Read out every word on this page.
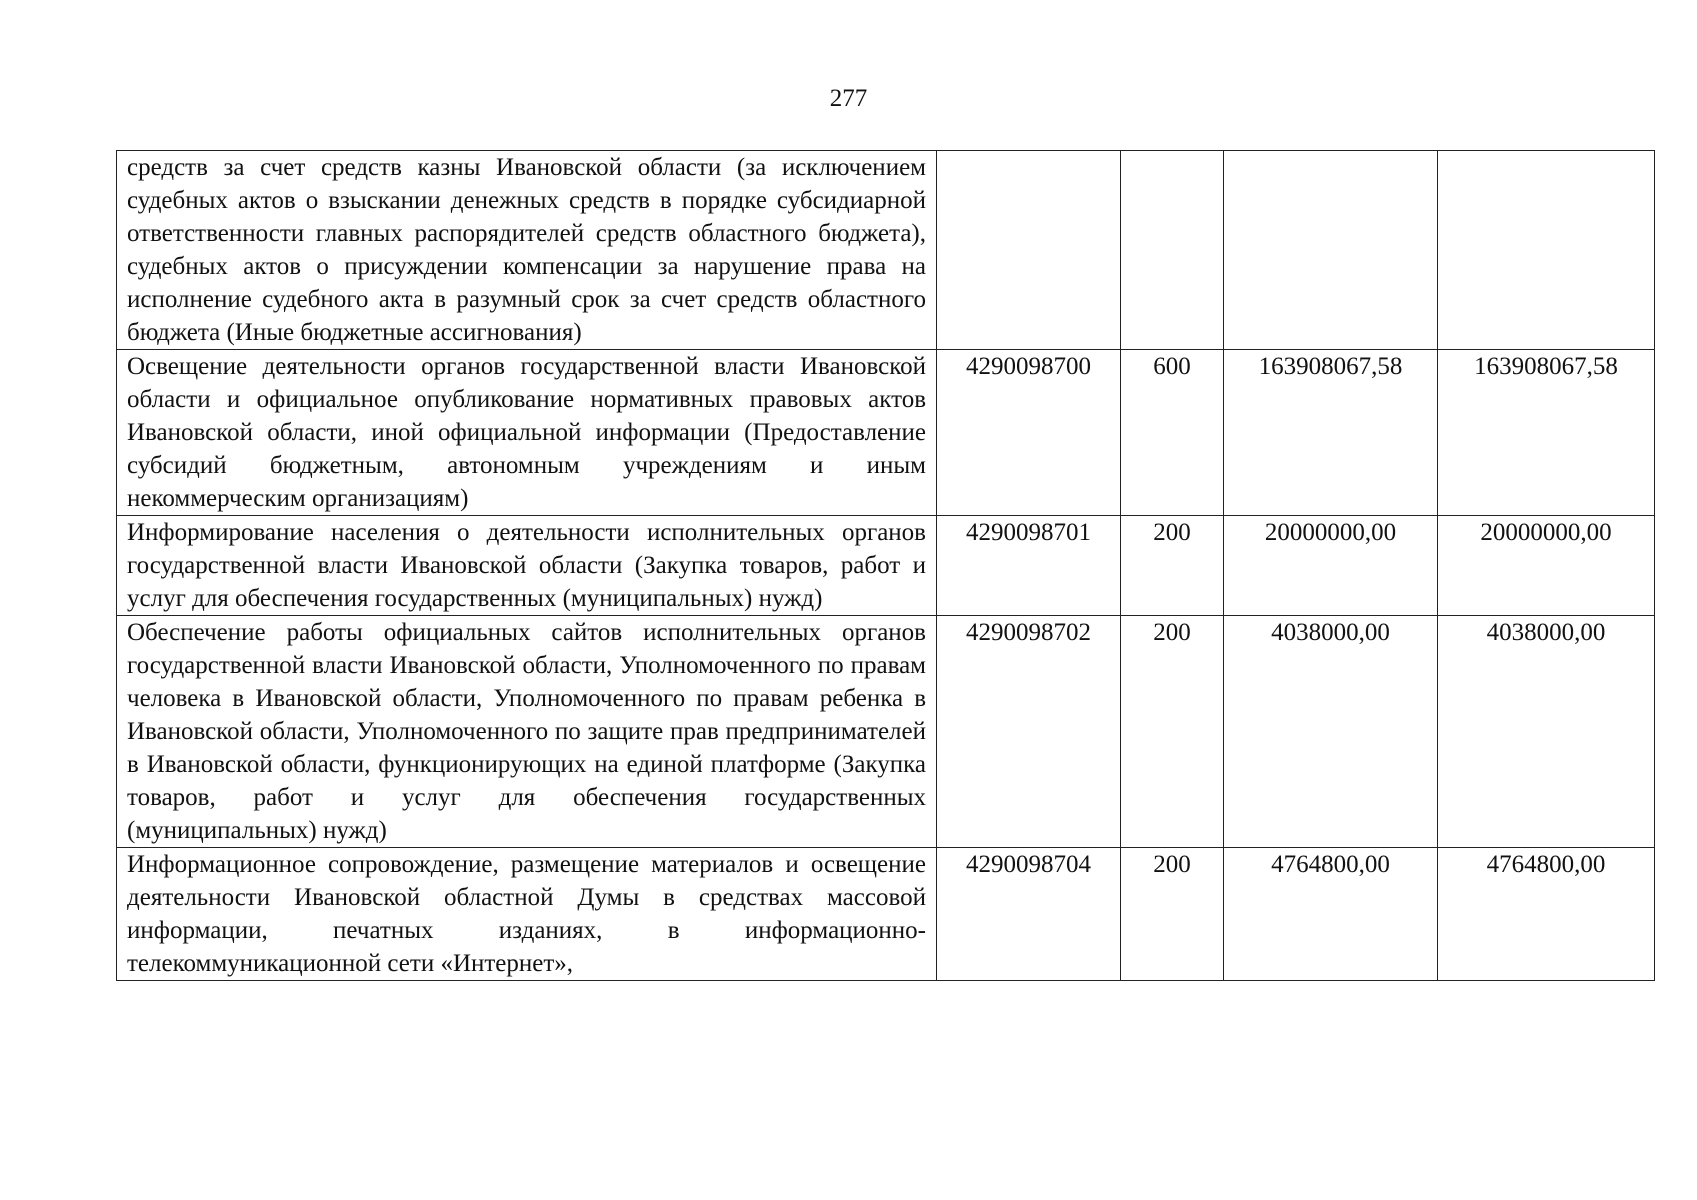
277
средств за счет средств казны Ивановской области (за исключением судебных актов о взыскании денежных средств в порядке субсидиарной ответственности главных распорядителей средств областного бюджета), судебных актов о присуждении компенсации за нарушение права на исполнение судебного акта в разумный срок за счет средств областного бюджета (Иные бюджетные ассигнования)				
Освещение деятельности органов государственной власти Ивановской области и официальное опубликование нормативных правовых актов Ивановской области, иной официальной информации (Предоставление субсидий бюджетным, автономным учреждениям и иным некоммерческим организациям)	4290098700	600	163908067,58	163908067,58
Информирование населения о деятельности исполнительных органов государственной власти Ивановской области (Закупка товаров, работ и услуг для обеспечения государственных (муниципальных) нужд)	4290098701	200	20000000,00	20000000,00
Обеспечение работы официальных сайтов исполнительных органов государственной власти Ивановской области, Уполномоченного по правам человека в Ивановской области, Уполномоченного по правам ребенка в Ивановской области, Уполномоченного по защите прав предпринимателей в Ивановской области, функционирующих на единой платформе (Закупка товаров, работ и услуг для обеспечения государственных (муниципальных) нужд)	4290098702	200	4038000,00	4038000,00
Информационное сопровождение, размещение материалов и освещение деятельности Ивановской областной Думы в средствах массовой информации, печатных изданиях, в информационно-телекоммуникационной сети «Интернет»,	4290098704	200	4764800,00	4764800,00
